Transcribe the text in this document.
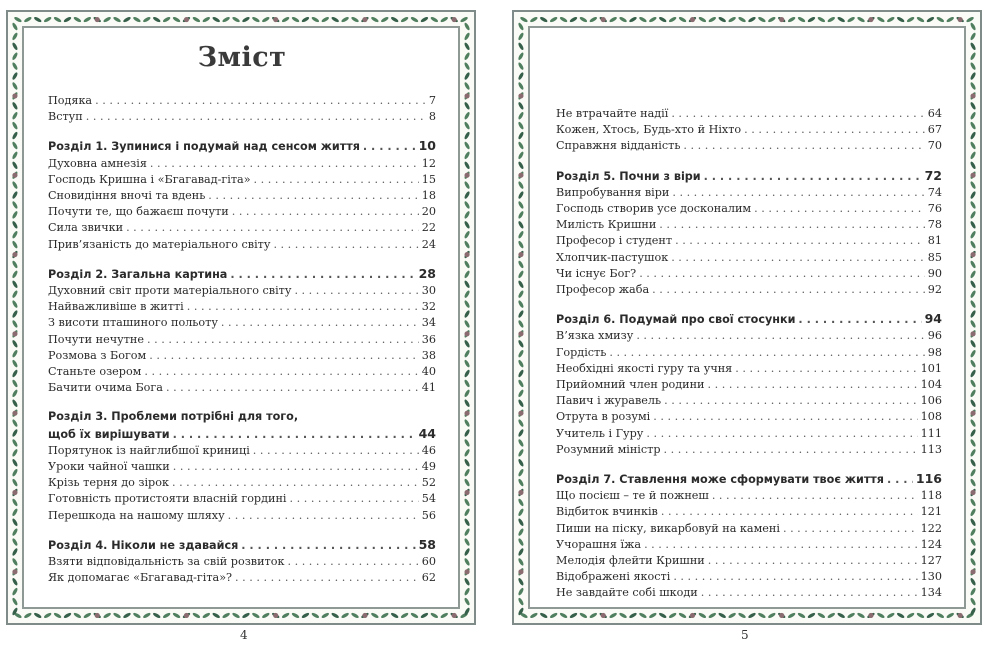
Зміст
Подяка . . .	7
Вступ . . .	8
Розділ 1. Зупинися і подумай над сенсом життя . . .	10
Духовна амнезія . . .	12
Господь Кришна і «Бгагавад-гіта» . . .	15
Сновидіння вночі та вдень . . .	18
Почути те, що бажаєш почути . . .	20
Сила звички . . .	22
Прив’язаність до матеріального світу . . .	24
Розділ 2. Загальна картина . . .	28
Духовний світ проти матеріального світу . . .	30
Найважливіше в житті . . .	32
З висоти пташиного польоту . . .	34
Почути нечутне . . .	36
Розмова з Богом . . .	38
Станьте озером . . .	40
Бачити очима Бога . . .	41
Розділ 3. Проблеми потрібні для того,
щоб їх вирішувати . . .	44
Порятунок із найглибшої криниці . . .	46
Уроки чайної чашки . . .	49
Крізь терня до зірок . . .	52
Готовність протистояти власній гордині . . .	54
Перешкода на нашому шляху . . .	56
Розділ 4. Ніколи не здавайся . . .	58
Взяти відповідальність за свій розвиток . . .	60
Як допомагає «Бгагавад-гіта»? . . .	62
Не втрачайте надії . . .	64
Кожен, Хтось, Будь-хто й Ніхто . . .	67
Справжня відданість . . .	70
Розділ 5. Почни з віри . . .	72
Випробування віри . . .	74
Господь створив усе досконалим . . .	76
Милість Кришни . . .	78
Професор і студент . . .	81
Хлопчик-пастушок . . .	85
Чи існує Бог? . . .	90
Професор жаба . . .	92
Розділ 6. Подумай про свої стосунки . . .	94
В’язка хмизу . . .	96
Гордість . . .	98
Необхідні якості гуру та учня . . .	101
Прийомний член родини . . .	104
Павич і журавель . . .	106
Отрута в розумі . . .	108
Учитель і Гуру . . .	111
Розумний міністр . . .	113
Розділ 7. Ставлення може сформувати твоє життя . . .	116
Що посієш – те й пожнеш . . .	118
Відбиток вчинків . . .	121
Пиши на піску, викарбовуй на камені . . .	122
Учорашня їжа . . .	124
Мелодія флейти Кришни . . .	127
Відображені якості . . .	130
Не завдайте собі шкоди . . .	134
4	5
